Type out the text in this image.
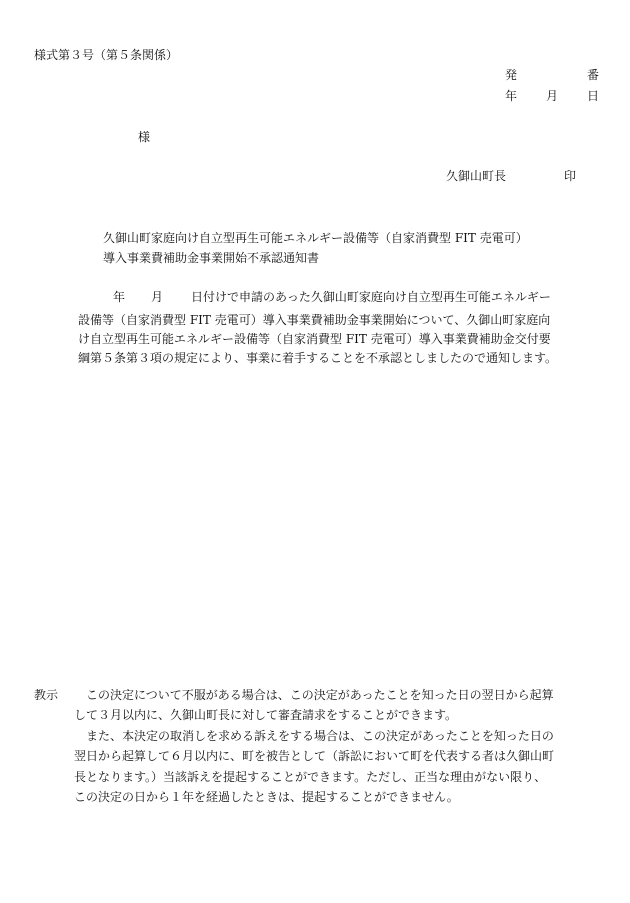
様式第３号（第５条関係）
発	番
年 月 日
様
久御山町長	印
久御山町家庭向け自立型再生可能エネルギー設備等（自家消費型 FIT 売電可）
導入事業費補助金事業開始不承認通知書
年 月 日付けで申請のあった久御山町家庭向け自立型再生可能エネルギー
設備等（自家消費型 FIT 売電可）導入事業費補助金事業開始について、久御山町家庭向
け自立型再生可能エネルギー設備等（自家消費型 FIT 売電可）導入事業費補助金交付要
綱第５条第３項の規定により、事業に着手することを不承認としましたので通知します。
教示 この決定について不服がある場合は、この決定があったことを知った日の翌日から起算
して３月以内に、久御山町長に対して審査請求をすることができます。
また、本決定の取消しを求める訴えをする場合は、この決定があったことを知った日の
翌日から起算して６月以内に、町を被告として（訴訟において町を代表する者は久御山町
長となります。）当該訴えを提起することができます。ただし、正当な理由がない限り、
この決定の日から１年を経過したときは、提起することができません。
